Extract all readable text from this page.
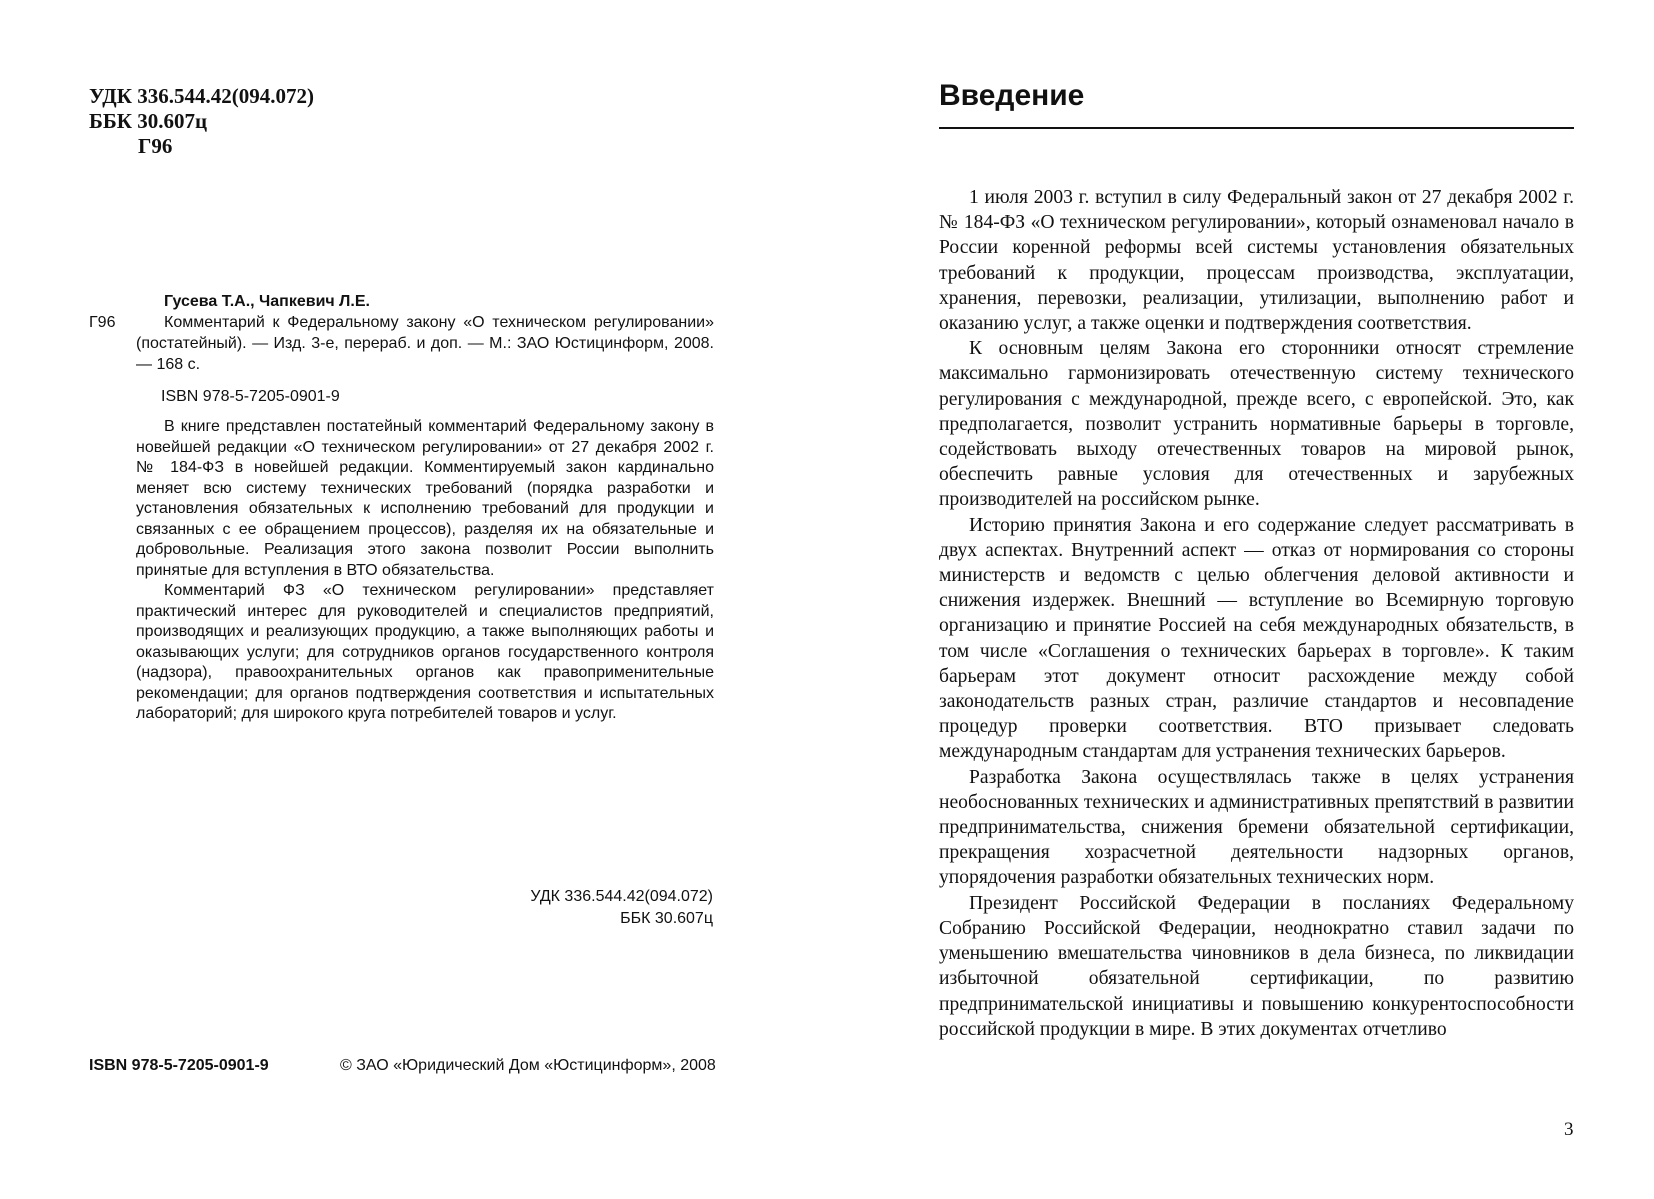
УДК 336.544.42(094.072)
ББК 30.607ц
Г96
Гусева Т.А., Чапкевич Л.Е.
Г96	Комментарий к Федеральному закону «О техническом регулировании» (постатейный). — Изд. 3-е, перераб. и доп. — М.: ЗАО Юстицинформ, 2008. — 168 с.
ISBN 978-5-7205-0901-9

В книге представлен постатейный комментарий Федеральному закону в новейшей редакции «О техническом регулировании» от 27 декабря 2002 г. № 184-ФЗ в новейшей редакции. Комментируемый закон кардинально меняет всю систему технических требований (порядка разработки и установления обязательных к исполнению требований для продукции и связанных с ее обращением процессов), разделяя их на обязательные и добровольные. Реализация этого закона позволит России выполнить принятые для вступления в ВТО обязательства.

Комментарий ФЗ «О техническом регулировании» представляет практический интерес для руководителей и специалистов предприятий, производящих и реализующих продукцию, а также выполняющих работы и оказывающих услуги; для сотрудников органов государственного контроля (надзора), правоохранительных органов как правоприменительные рекомендации; для органов подтверждения соответствия и испытательных лабораторий; для широкого круга потребителей товаров и услуг.

УДК 336.544.42(094.072)
ББК 30.607ц
ISBN 978-5-7205-0901-9	© ЗАО «Юридический Дом «Юстицинформ», 2008
Введение

1 июля 2003 г. вступил в силу Федеральный закон от 27 декабря 2002 г. № 184-ФЗ «О техническом регулировании», который ознаменовал начало в России коренной реформы всей системы установления обязательных требований к продукции, процессам производства, эксплуатации, хранения, перевозки, реализации, утилизации, выполнению работ и оказанию услуг, а также оценки и подтверждения соответствия.

К основным целям Закона его сторонники относят стремление максимально гармонизировать отечественную систему технического регулирования с международной, прежде всего, с европейской. Это, как предполагается, позволит устранить нормативные барьеры в торговле, содействовать выходу отечественных товаров на мировой рынок, обеспечить равные условия для отечественных и зарубежных производителей на российском рынке.

Историю принятия Закона и его содержание следует рассматривать в двух аспектах. Внутренний аспект — отказ от нормирования со стороны министерств и ведомств с целью облегчения деловой активности и снижения издержек. Внешний — вступление во Всемирную торговую организацию и принятие Россией на себя международных обязательств, в том числе «Соглашения о технических барьерах в торговле». К таким барьерам этот документ относит расхождение между собой законодательств разных стран, различие стандартов и несовпадение процедур проверки соответствия. ВТО призывает следовать международным стандартам для устранения технических барьеров.

Разработка Закона осуществлялась также в целях устранения необоснованных технических и административных препятствий в развитии предпринимательства, снижения бремени обязательной сертификации, прекращения хозрасчетной деятельности надзорных органов, упорядочения разработки обязательных технических норм.

Президент Российской Федерации в посланиях Федеральному Собранию Российской Федерации, неоднократно ставил задачи по уменьшению вмешательства чиновников в дела бизнеса, по ликвидации избыточной обязательной сертификации, по развитию предпринимательской инициативы и повышению конкурентоспособности российской продукции в мире. В этих документах отчетливо

3
